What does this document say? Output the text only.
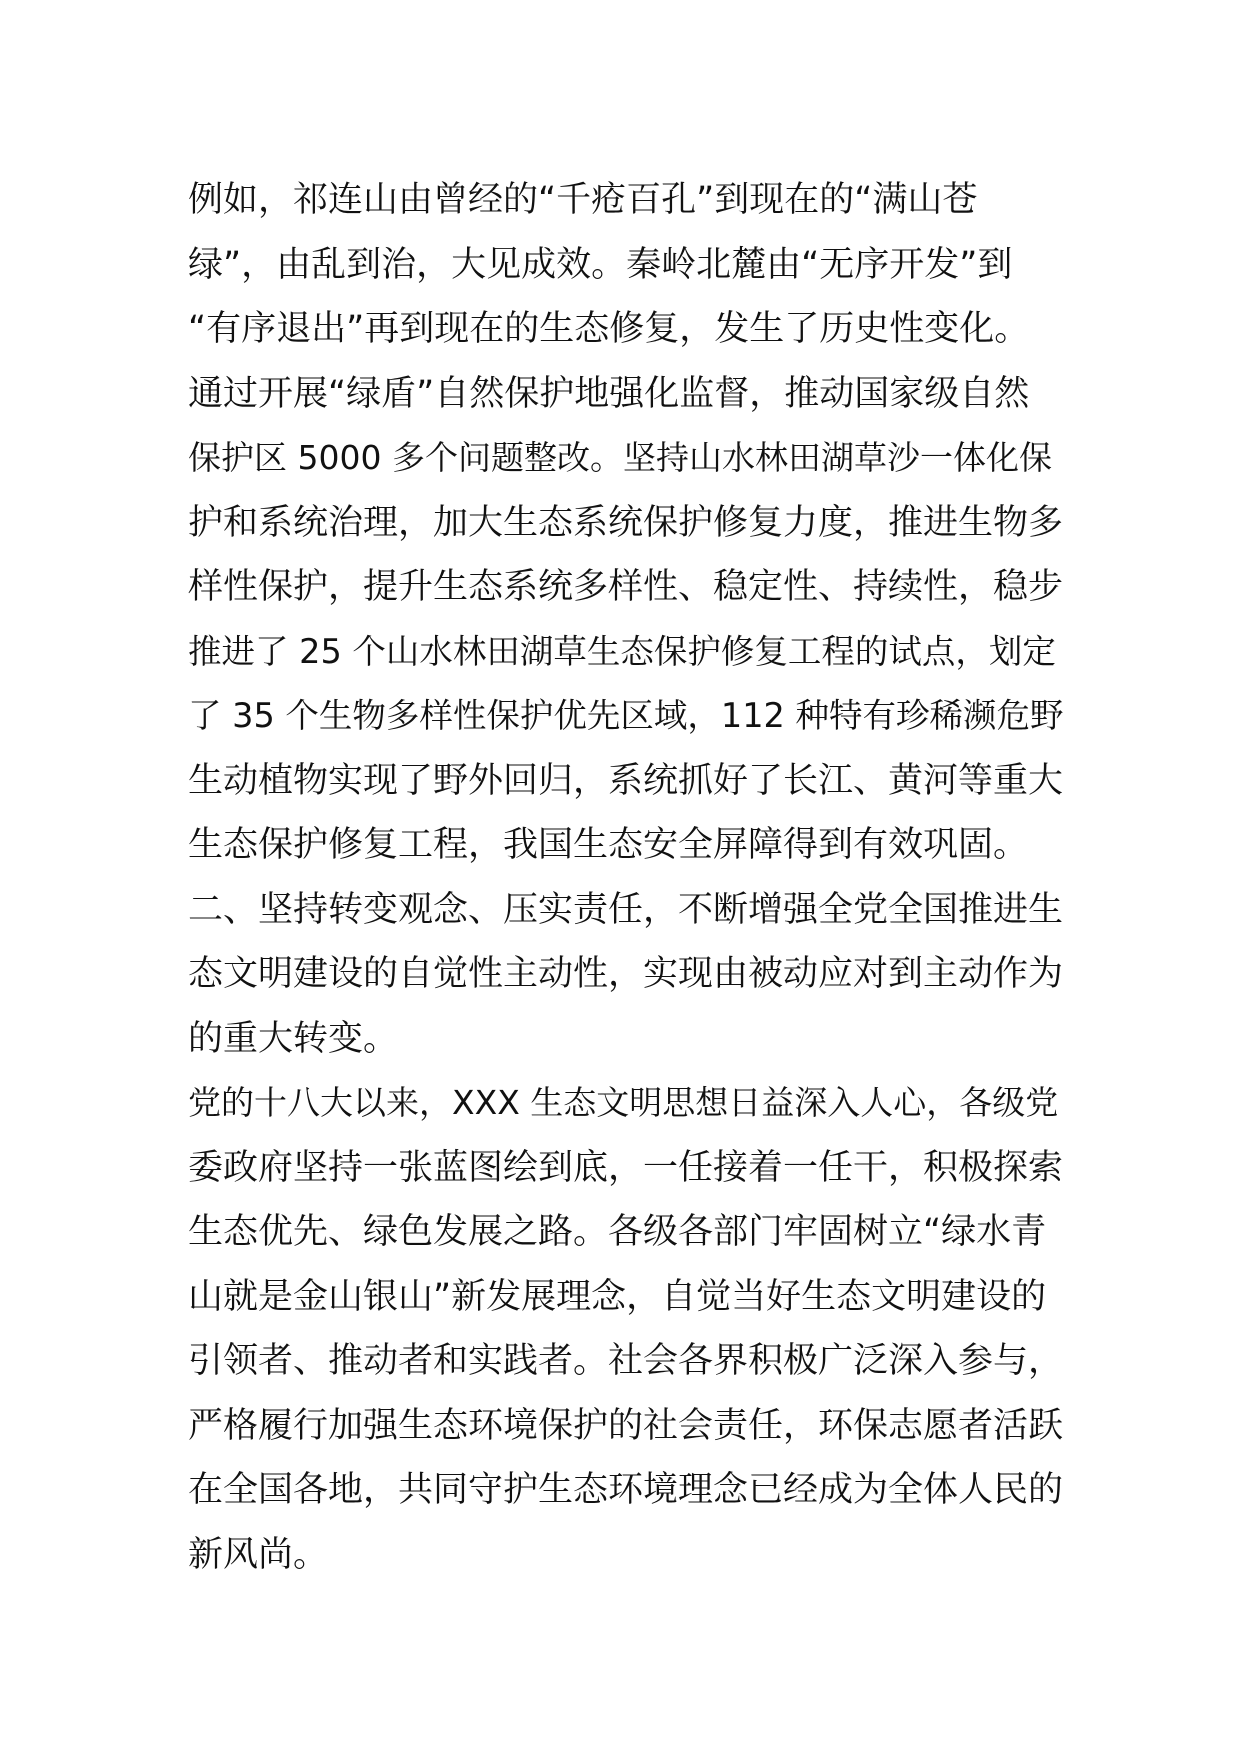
例如，祁连山由曾经的“千疮百孔”到现在的“满山苍
绿”，由乱到治，大见成效。秦岭北麓由“无序开发”到
“有序退出”再到现在的生态修复，发生了历史性变化。
通过开展“绿盾”自然保护地强化监督，推动国家级自然
保护区 5000 多个问题整改。坚持山水林田湖草沙一体化保
护和系统治理，加大生态系统保护修复力度，推进生物多
样性保护，提升生态系统多样性、稳定性、持续性，稳步
推进了 25 个山水林田湖草生态保护修复工程的试点，划定
了 35 个生物多样性保护优先区域，112 种特有珍稀濒危野
生动植物实现了野外回归，系统抓好了长江、黄河等重大
生态保护修复工程，我国生态安全屏障得到有效巩固。
二、坚持转变观念、压实责任，不断增强全党全国推进生
态文明建设的自觉性主动性，实现由被动应对到主动作为
的重大转变。
党的十八大以来，XXX 生态文明思想日益深入人心，各级党
委政府坚持一张蓝图绘到底，一任接着一任干，积极探索
生态优先、绿色发展之路。各级各部门牢固树立“绿水青
山就是金山银山”新发展理念，自觉当好生态文明建设的
引领者、推动者和实践者。社会各界积极广泛深入参与，
严格履行加强生态环境保护的社会责任，环保志愿者活跃
在全国各地，共同守护生态环境理念已经成为全体人民的
新风尚。
